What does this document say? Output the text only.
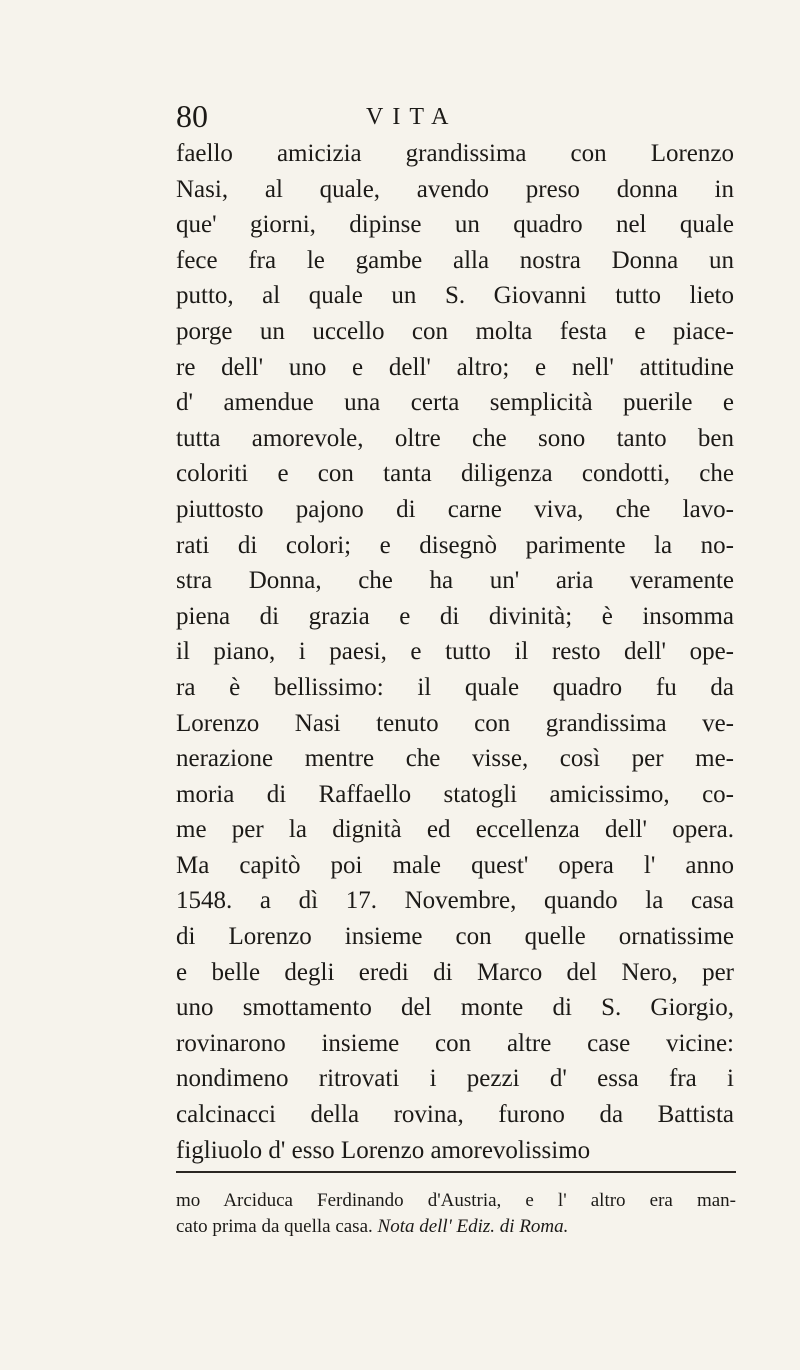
80	VITA
faello amicizia grandissima con Lorenzo
Nasi, al quale, avendo preso donna in
que' giorni, dipinse un quadro nel quale
fece fra le gambe alla nostra Donna un
putto, al quale un S. Giovanni tutto lieto
porge un uccello con molta festa e piace-
re dell' uno e dell' altro; e nell' attitudine
d' amendue una certa semplicità puerile e
tutta amorevole, oltre che sono tanto ben
coloriti e con tanta diligenza condotti, che
piuttosto pajono di carne viva, che lavo-
rati di colori; e disegnò parimente la no-
stra Donna, che ha un' aria veramente
piena di grazia e di divinità; è insomma
il piano, i paesi, e tutto il resto dell' ope-
ra è bellissimo: il quale quadro fu da
Lorenzo Nasi tenuto con grandissima ve-
nerazione mentre che visse, così per me-
moria di Raffaello statogli amicissimo, co-
me per la dignità ed eccellenza dell' opera.
Ma capitò poi male quest' opera l' anno
1548. a dì 17. Novembre, quando la casa
di Lorenzo insieme con quelle ornatissime
e belle degli eredi di Marco del Nero, per
uno smottamento del monte di S. Giorgio,
rovinarono insieme con altre case vicine:
nondimeno ritrovati i pezzi d' essa fra i
calcinacci della rovina, furono da Battista
figliuolo d' esso Lorenzo amorevolissimo
mo Arciduca Ferdinando d'Austria, e l' altro era man-
cato prima da quella casa. Nota dell' Ediz. di Roma.
